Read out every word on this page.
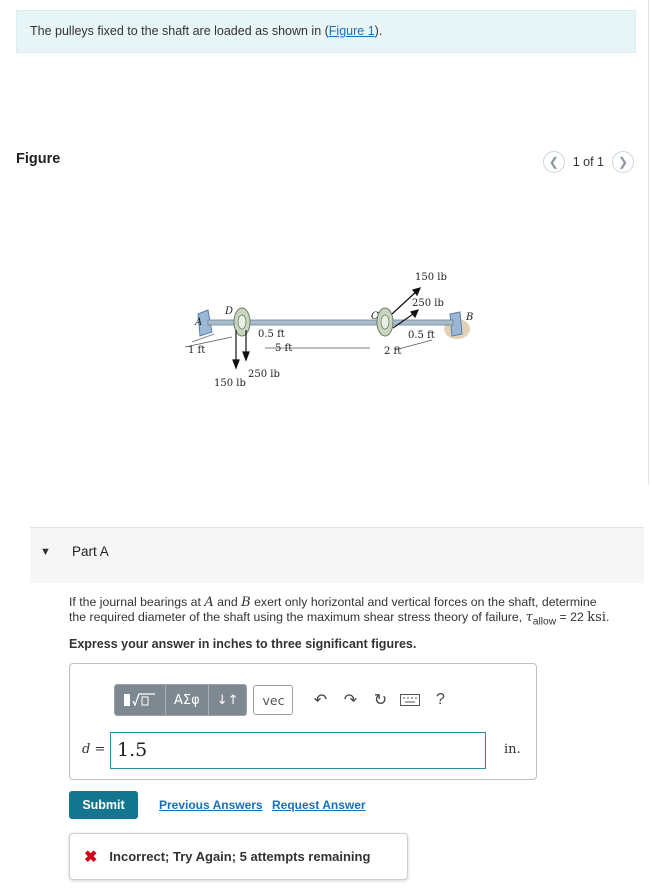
The pulleys fixed to the shaft are loaded as shown in (Figure 1).
Figure	❮	1 of 1	❯
A	B
C
D
150 lb
250 lb
250 lb
150 lb
0.5 ft	0.5 ft
1 ft	5 ft	2 ft
▼ Part A
If the journal bearings at A and B exert only horizontal and vertical forces on the shaft, determine
the required diameter of the shaft using the maximum shear stress theory of failure, $\tau_{allow} = 22$ ksi.
Express your answer in inches to three significant figures.
ΑΣφ	↓↑	vec	↶	↷	↻	?
d = 1.5	in.
Submit	Previous Answers Request Answer
✖ Incorrect; Try Again; 5 attempts remaining
